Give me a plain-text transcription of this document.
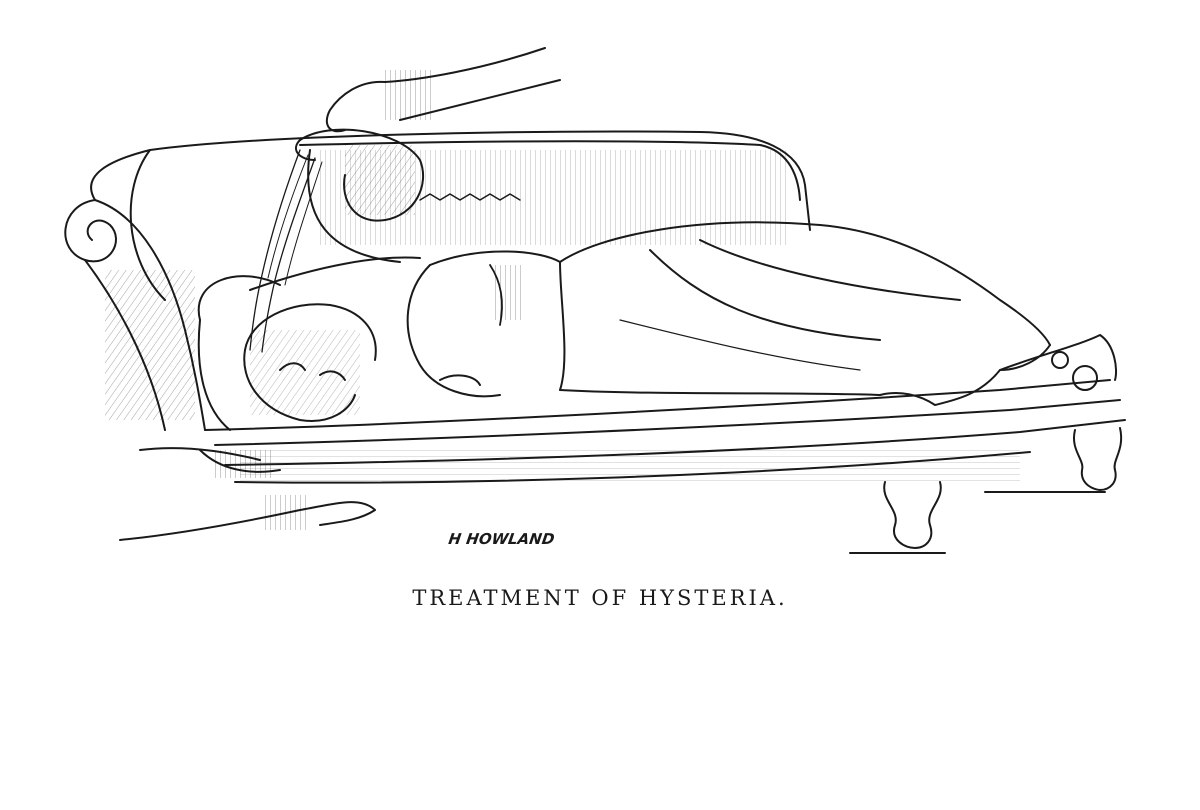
H HOWLAND
TREATMENT OF HYSTERIA.
